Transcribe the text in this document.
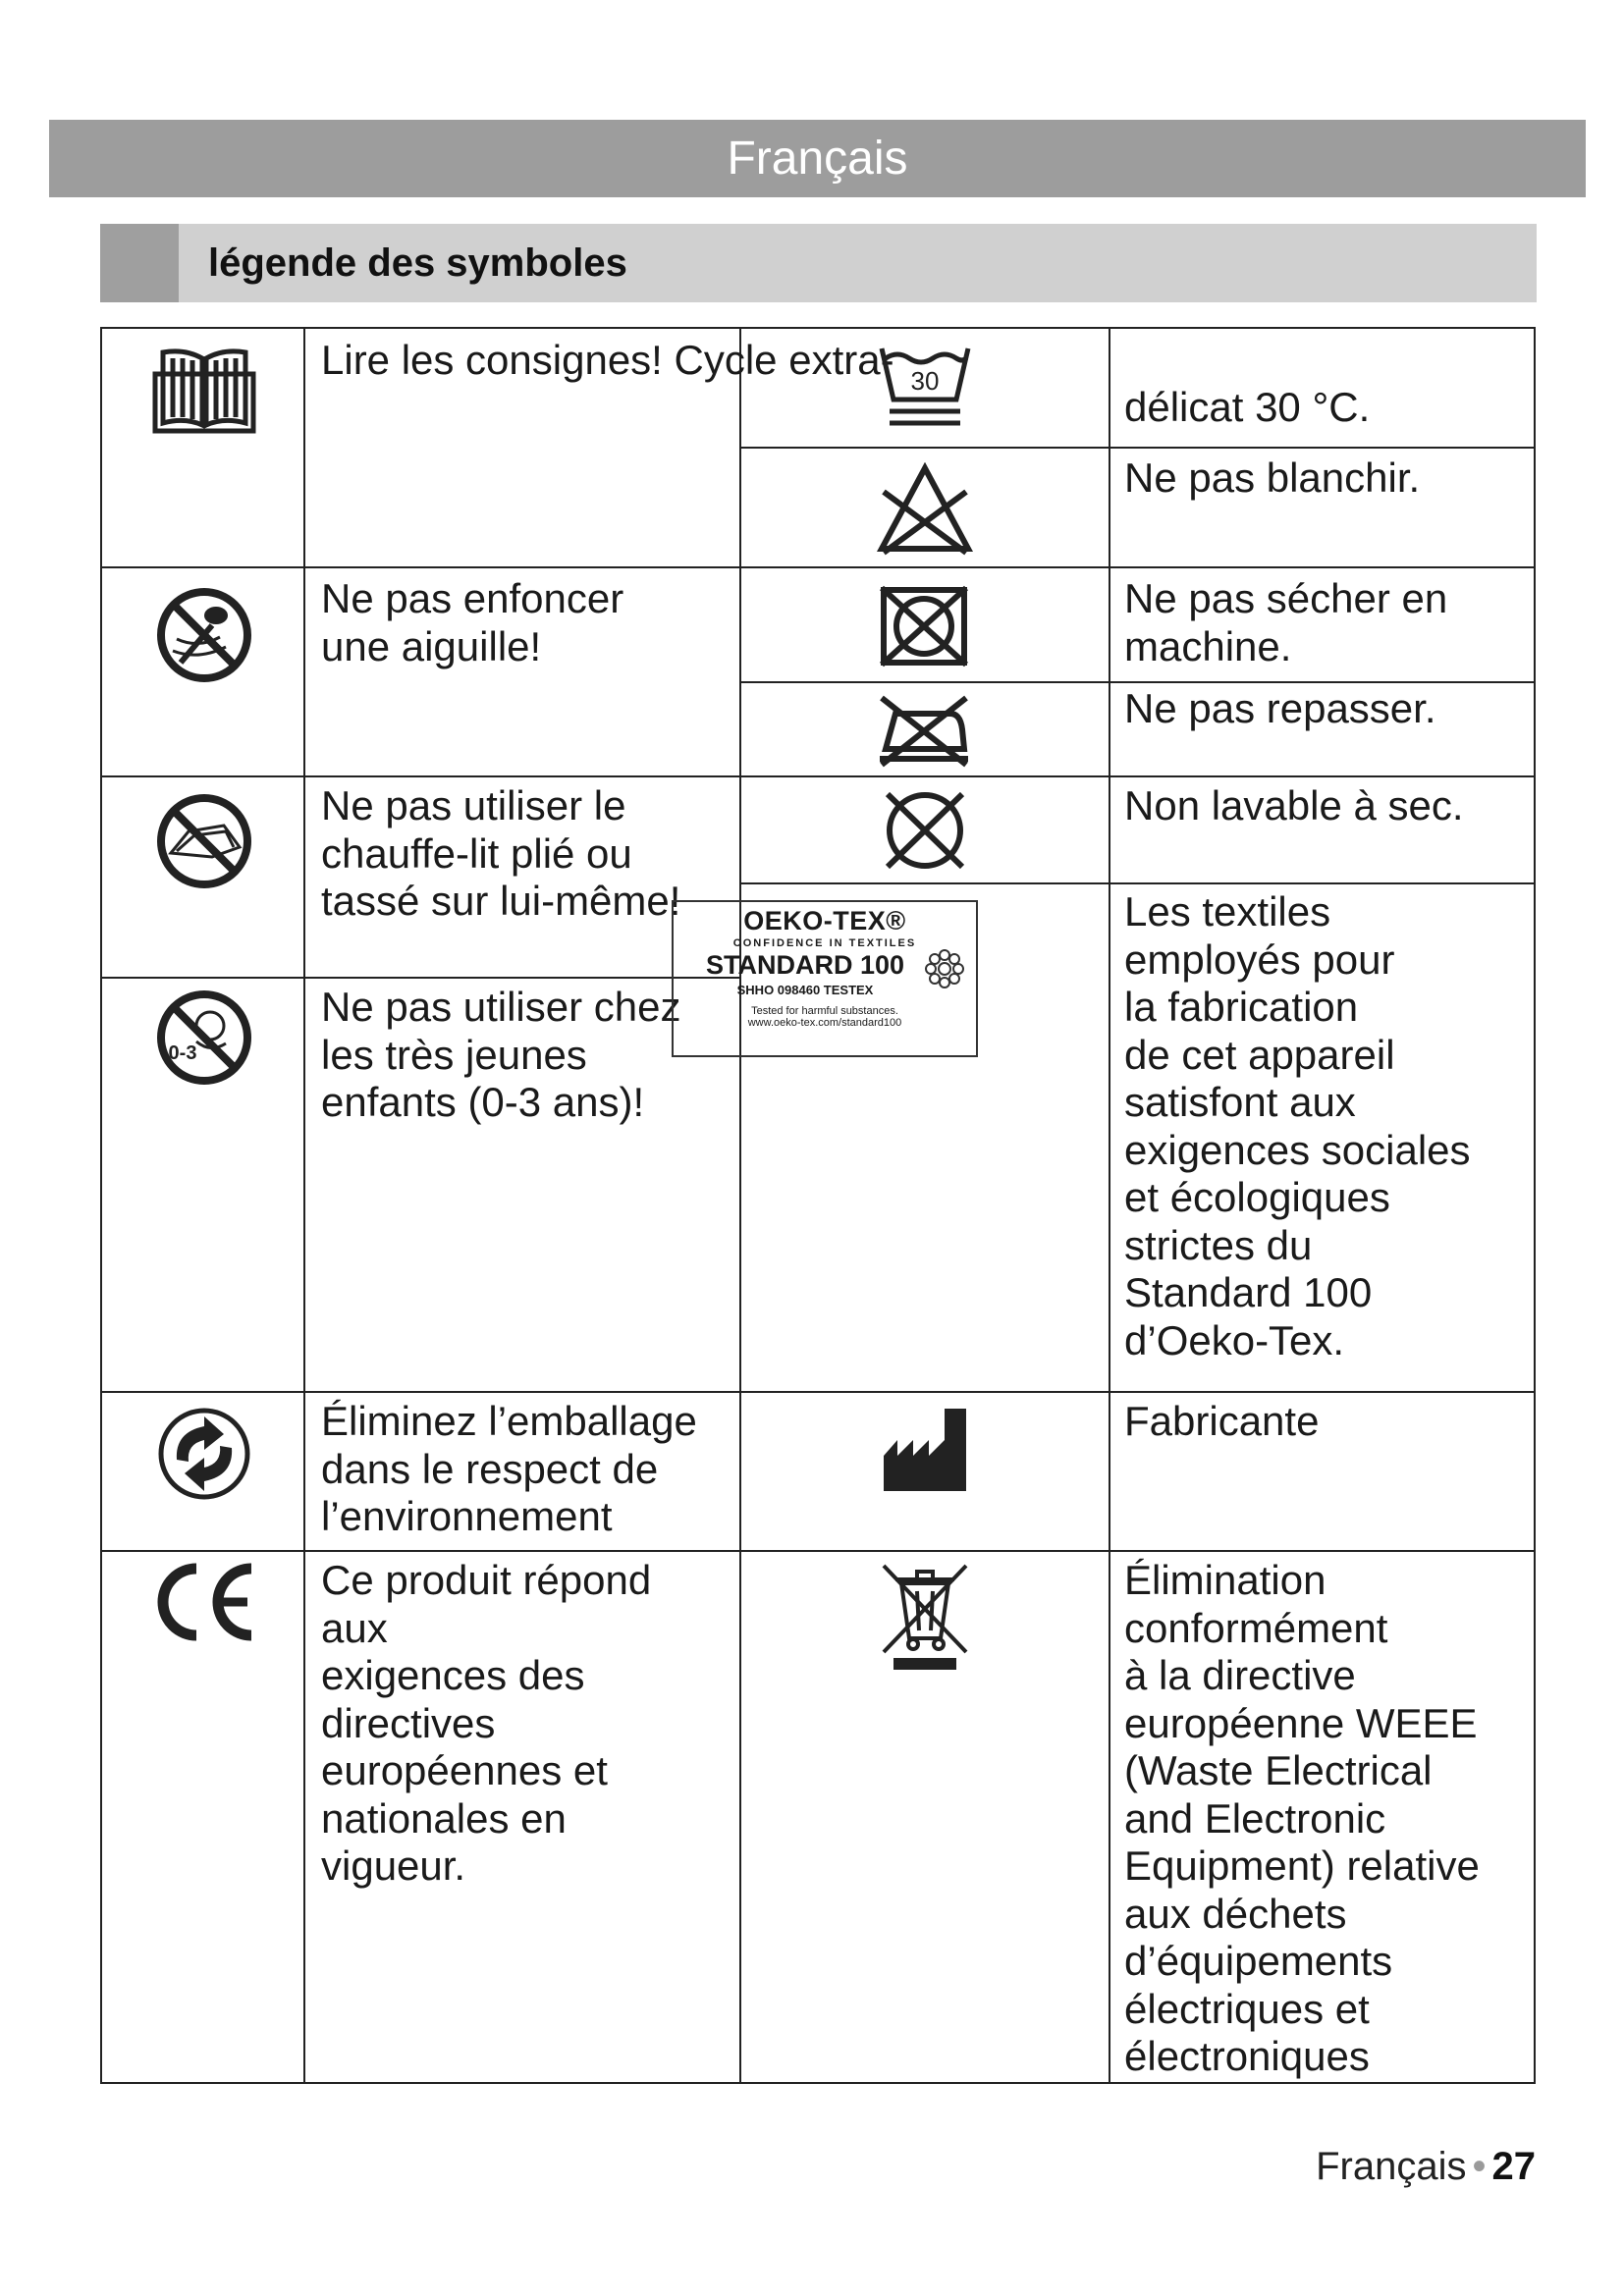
Français
légende des symboles
Lire les consignes! Cycle extra- 30
délicat 30 °C.
Ne pas blanchir.
Ne pas enfoncer
une aiguille!
Ne pas sécher en
machine.
Ne pas repasser.
Ne pas utiliser le
chauffe-lit plié ou
tassé sur lui-même!
Non lavable à sec.
0-3
Ne pas utiliser chez
les très jeunes
enfants (0-3 ans)!
OEKO-TEX®
CONFIDENCE IN TEXTILES
STANDARD 100
SHHO 098460 TESTEX
Tested for harmful substances.
www.oeko-tex.com/standard100
Les textiles
employés pour
la fabrication
de cet appareil
satisfont aux
exigences sociales
et écologiques
strictes du
Standard 100
d’Oeko-Tex.
Éliminez l’emballage
dans le respect de
l’environnement
Fabricante
Ce produit répond
aux
exigences des
directives
européennes et
nationales en
vigueur.
Élimination
conformément
à la directive
européenne WEEE
(Waste Electrical
and Electronic
Equipment) relative
aux déchets
d’équipements
électriques et
électroniques
Français • 27
